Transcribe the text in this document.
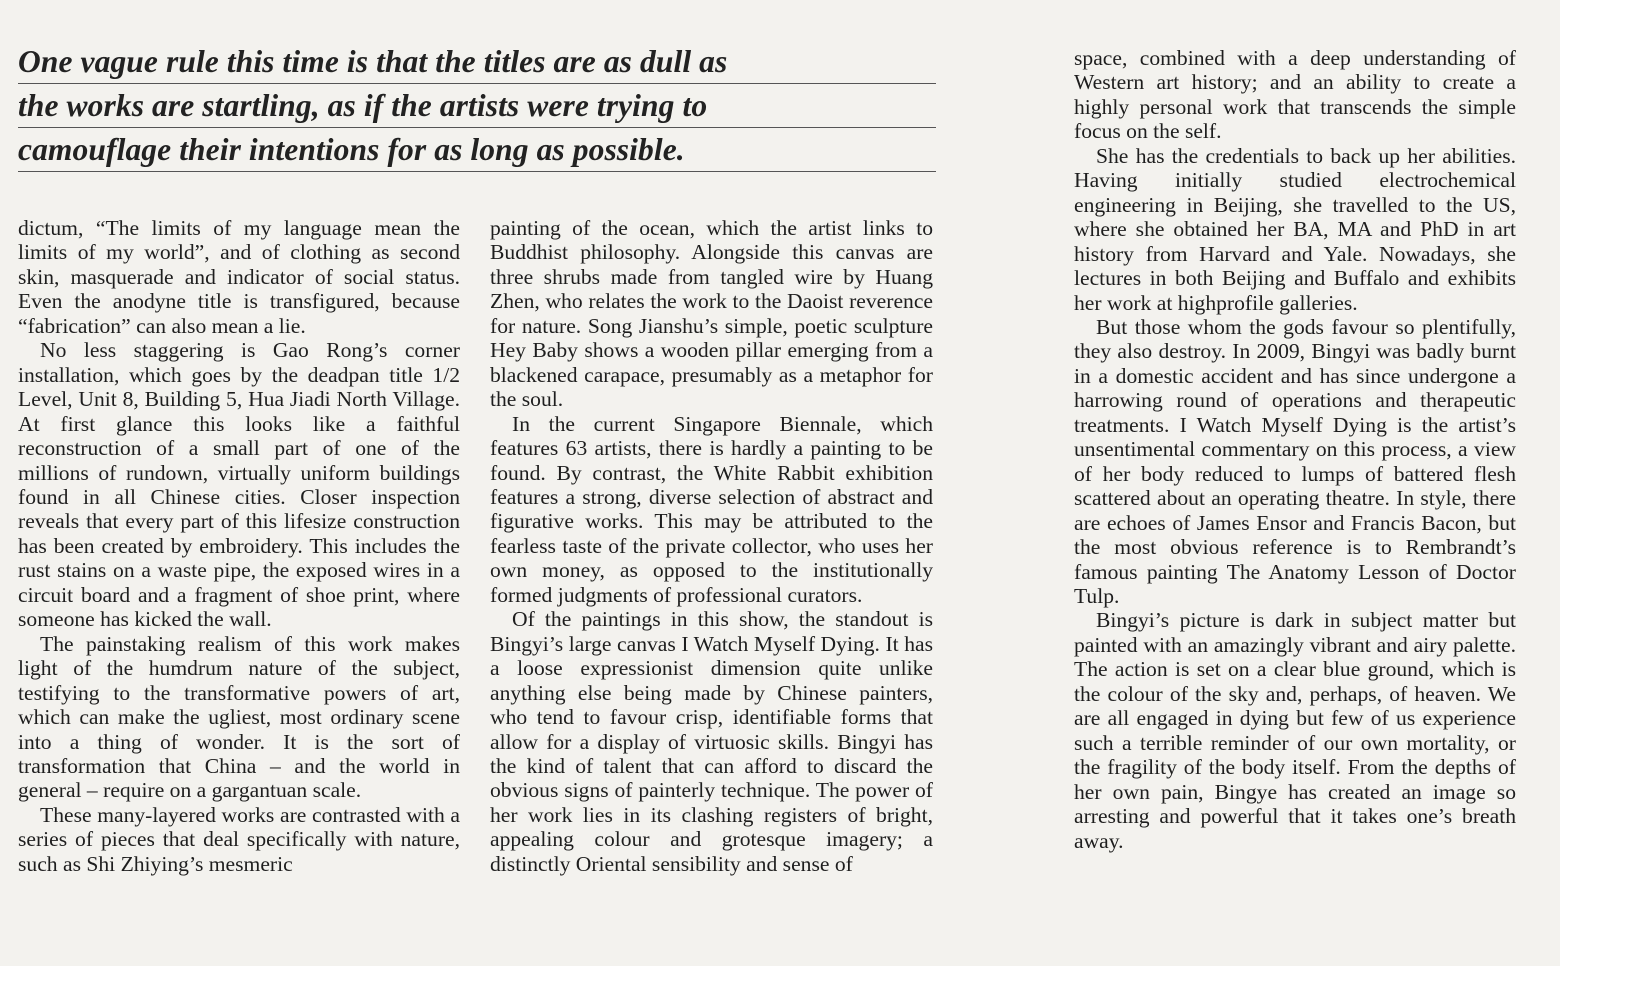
One vague rule this time is that the titles are as dull as
the works are startling, as if the artists were trying to
camouflage their intentions for as long as possible.

dictum, “The limits of my language mean the limits of my world”, and of clothing as second skin, masquerade and indicator of social status. Even the anodyne title is transfigured, because “fabrication” can also mean a lie.

No less staggering is Gao Rong’s corner installation, which goes by the deadpan title 1/2 Level, Unit 8, Building 5, Hua Jiadi North Village. At first glance this looks like a faithful reconstruction of a small part of one of the millions of rundown, virtually uniform buildings found in all Chinese cities. Closer inspection reveals that every part of this lifesize construction has been created by embroidery. This includes the rust stains on a waste pipe, the exposed wires in a circuit board and a fragment of shoe print, where someone has kicked the wall.

The painstaking realism of this work makes light of the humdrum nature of the subject, testifying to the transformative powers of art, which can make the ugliest, most ordinary scene into a thing of wonder. It is the sort of transformation that China – and the world in general – require on a gargantuan scale.

These many-layered works are contrasted with a series of pieces that deal specifically with nature, such as Shi Zhiying’s mesmeric

painting of the ocean, which the artist links to Buddhist philosophy. Alongside this canvas are three shrubs made from tangled wire by Huang Zhen, who relates the work to the Daoist reverence for nature. Song Jianshu’s simple, poetic sculpture Hey Baby shows a wooden pillar emerging from a blackened carapace, presumably as a metaphor for the soul.

In the current Singapore Biennale, which features 63 artists, there is hardly a painting to be found. By contrast, the White Rabbit exhibition features a strong, diverse selection of abstract and figurative works. This may be attributed to the fearless taste of the private collector, who uses her own money, as opposed to the institutionally formed judgments of professional curators.

Of the paintings in this show, the standout is Bingyi’s large canvas I Watch Myself Dying. It has a loose expressionist dimension quite unlike anything else being made by Chinese painters, who tend to favour crisp, identifiable forms that allow for a display of virtuosic skills. Bingyi has the kind of talent that can afford to discard the obvious signs of painterly technique. The power of her work lies in its clashing registers of bright, appealing colour and grotesque imagery; a distinctly Oriental sensibility and sense of

space, combined with a deep understanding of Western art history; and an ability to create a highly personal work that transcends the simple focus on the self.

She has the credentials to back up her abilities. Having initially studied electrochemical engineering in Beijing, she travelled to the US, where she obtained her BA, MA and PhD in art history from Harvard and Yale. Nowadays, she lectures in both Beijing and Buffalo and exhibits her work at highprofile galleries.

But those whom the gods favour so plentifully, they also destroy. In 2009, Bingyi was badly burnt in a domestic accident and has since undergone a harrowing round of operations and therapeutic treatments. I Watch Myself Dying is the artist’s unsentimental commentary on this process, a view of her body reduced to lumps of battered flesh scattered about an operating theatre. In style, there are echoes of James Ensor and Francis Bacon, but the most obvious reference is to Rembrandt’s famous painting The Anatomy Lesson of Doctor Tulp.

Bingyi’s picture is dark in subject matter but painted with an amazingly vibrant and airy palette. The action is set on a clear blue ground, which is the colour of the sky and, perhaps, of heaven. We are all engaged in dying but few of us experience such a terrible reminder of our own mortality, or the fragility of the body itself. From the depths of her own pain, Bingye has created an image so arresting and powerful that it takes one’s breath away.
